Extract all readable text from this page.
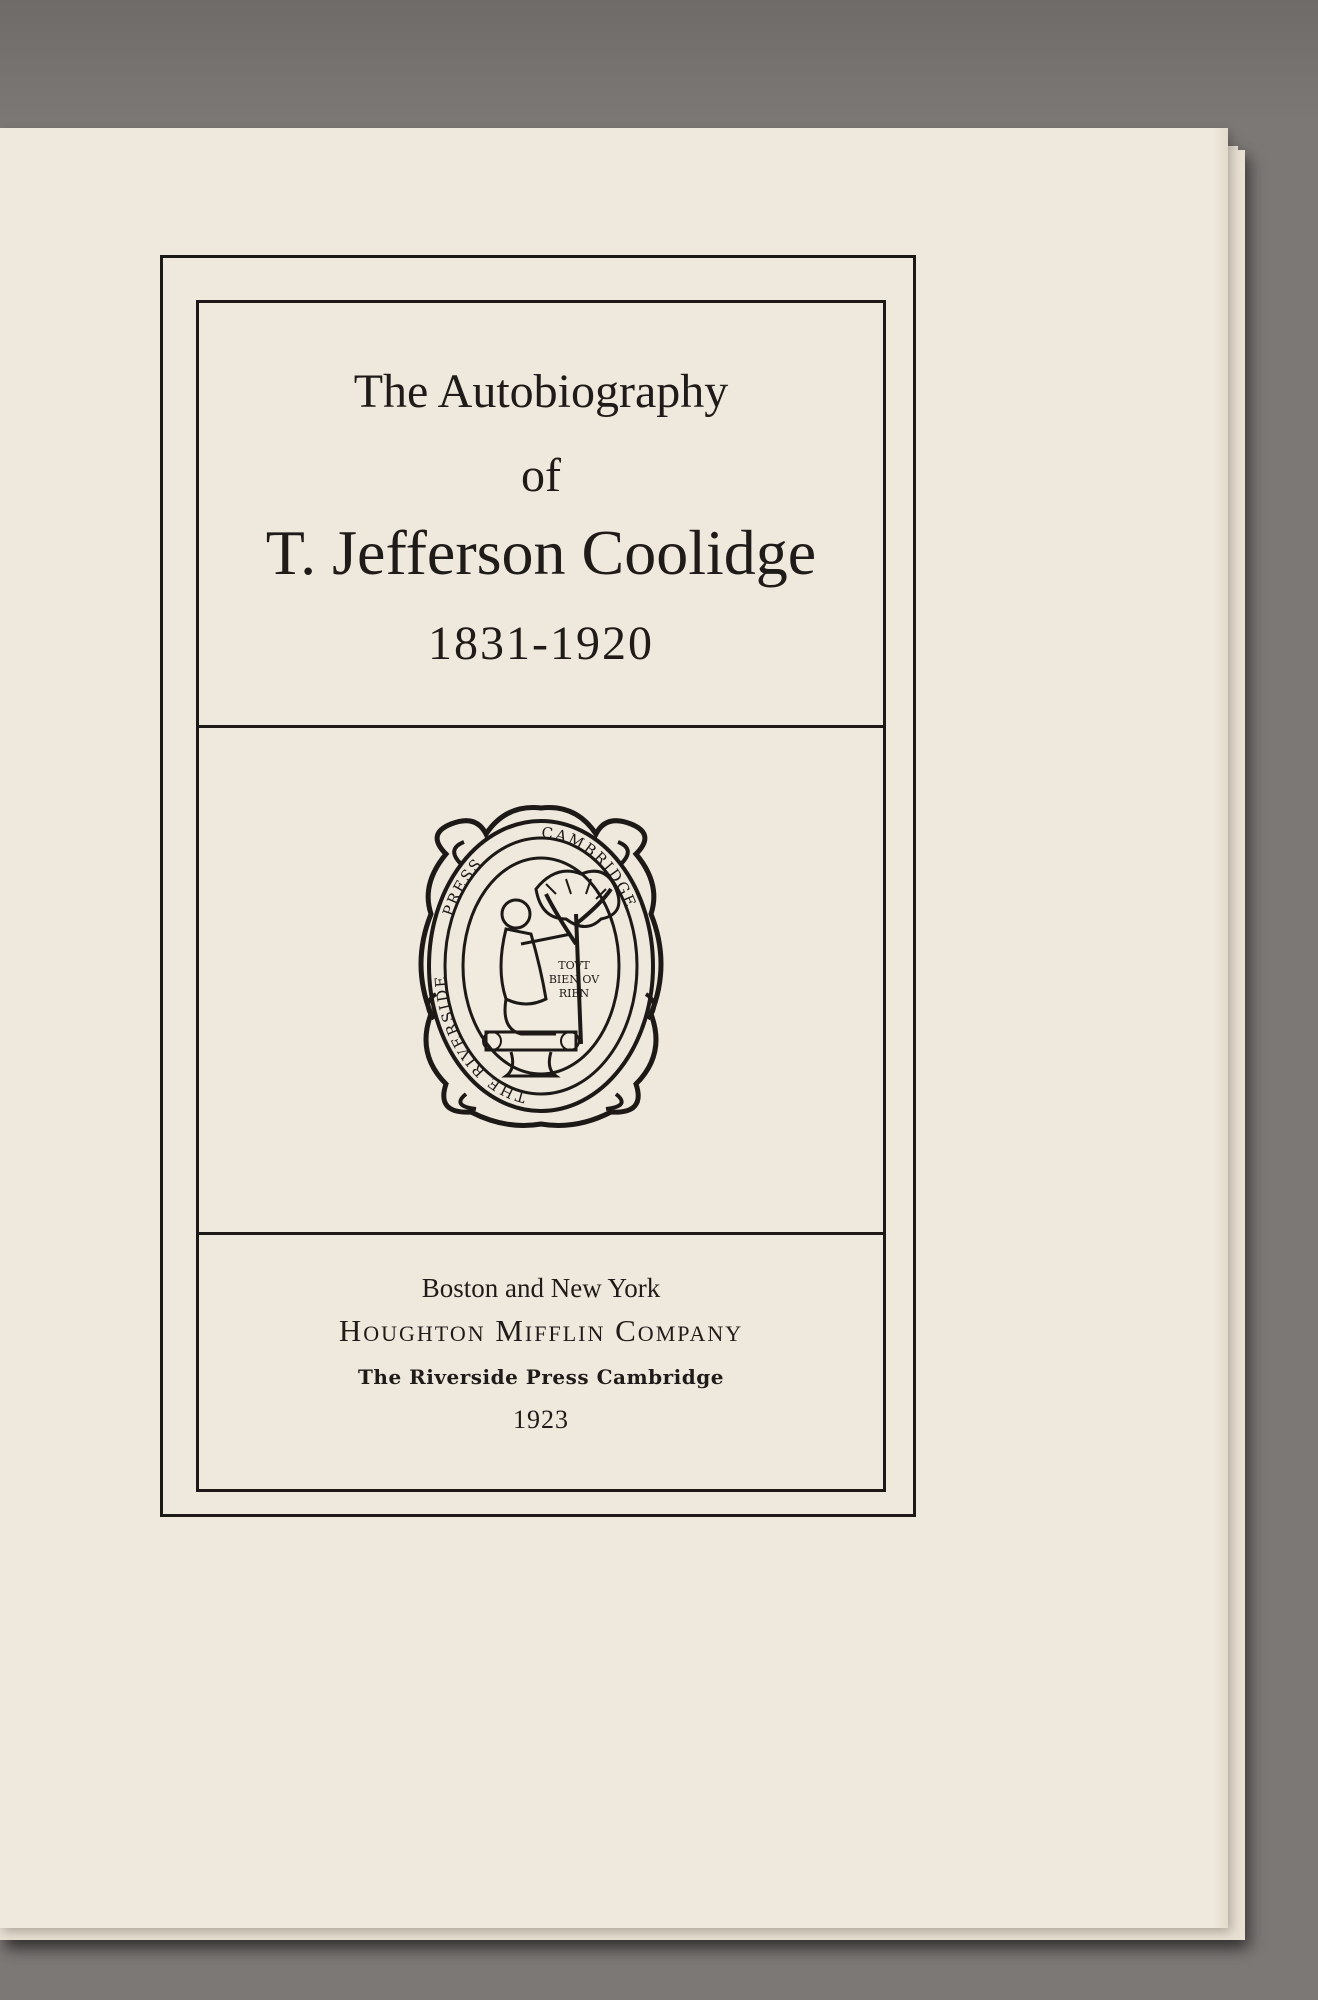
The Autobiography
of
T. Jefferson Coolidge
1831-1920
THE RIVERSIDE
PRESS
CAMBRIDGE
TOVT
BIEN OV
RIEN
Boston and New York
Houghton Mifflin Company
The Riverside Press Cambridge
1923
